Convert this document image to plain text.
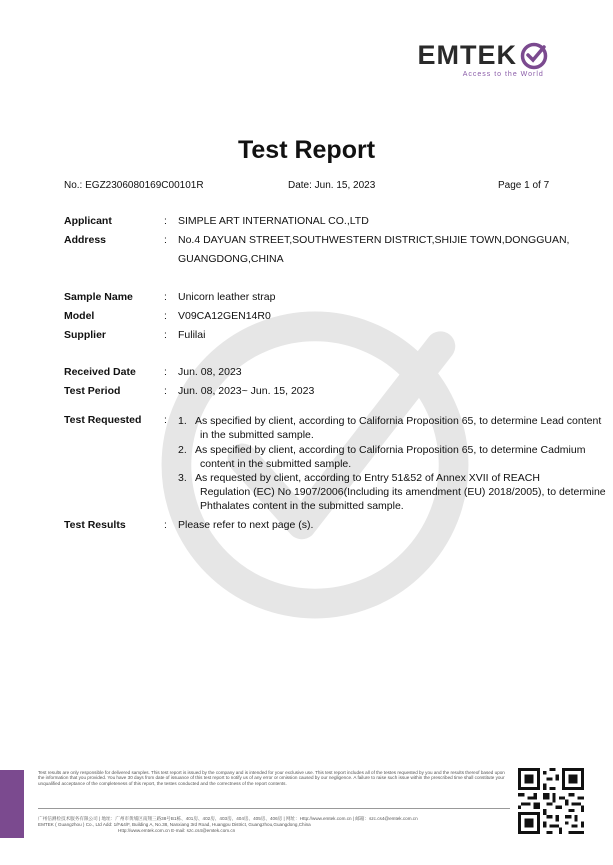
EMTEK
Access to the World
Test Report
No.: EGZ2306080169C00101R	Date: Jun. 15, 2023	Page 1 of 7
Applicant	: SIMPLE ART INTERNATIONAL CO.,LTD
Address	: No.4 DAYUAN STREET,SOUTHWESTERN DISTRICT,SHIJIE TOWN,DONGGUAN,
GUANGDONG,CHINA
Sample Name	: Unicorn leather strap
Model	: V09CA12GEN14R0
Supplier	: Fulilai
Received Date	: Jun. 08, 2023
Test Period	: Jun. 08, 2023~ Jun. 15, 2023
Test Requested	: 1. As specified by client, according to California Proposition 65, to determine Lead content
in the submitted sample.
2. As specified by client, according to California Proposition 65, to determine Cadmium
content in the submitted sample.
3. As requested by client, according to Entry 51&52 of Annex XVII of REACH
Regulation (EC) No 1907/2006(Including its amendment (EU) 2018/2005), to determine
Phthalates content in the submitted sample.
Test Results	: Please refer to next page (s).
Test results are only responsible for delivered samples. This test report is issued by the company and is intended for your exclusive use. This test report includes all of the testes requested by you and the results thereof based upon the information that you provided. You have 30 days from date of issuance of this test report to notify us of any error or omission caused by our negligence. A failure to raise such issue within the prescribed time shall constitute your unqualified acceptance of the completeness of this report, the testes conducted and the correctness of the report contents.
广州信测检技术服务有限公司 | 地址：广州市黄埔区南翔三路38号B1栋、401房、402房、403房、404房、405房、406房 | 网址：Http://www.emtek.com.cn | 邮箱：szc.cs4@emtek.com.cn
EMTEK ( Guangzhou ) Co., Ltd Add: 1/F&4/F, Building A, No.38, Nanxiang 3rd Road, Huangpu District, Guangzhou,Guangdong,China
Http://www.emtek.com.cn E-mail: szc.cs4@emtek.com.cn
